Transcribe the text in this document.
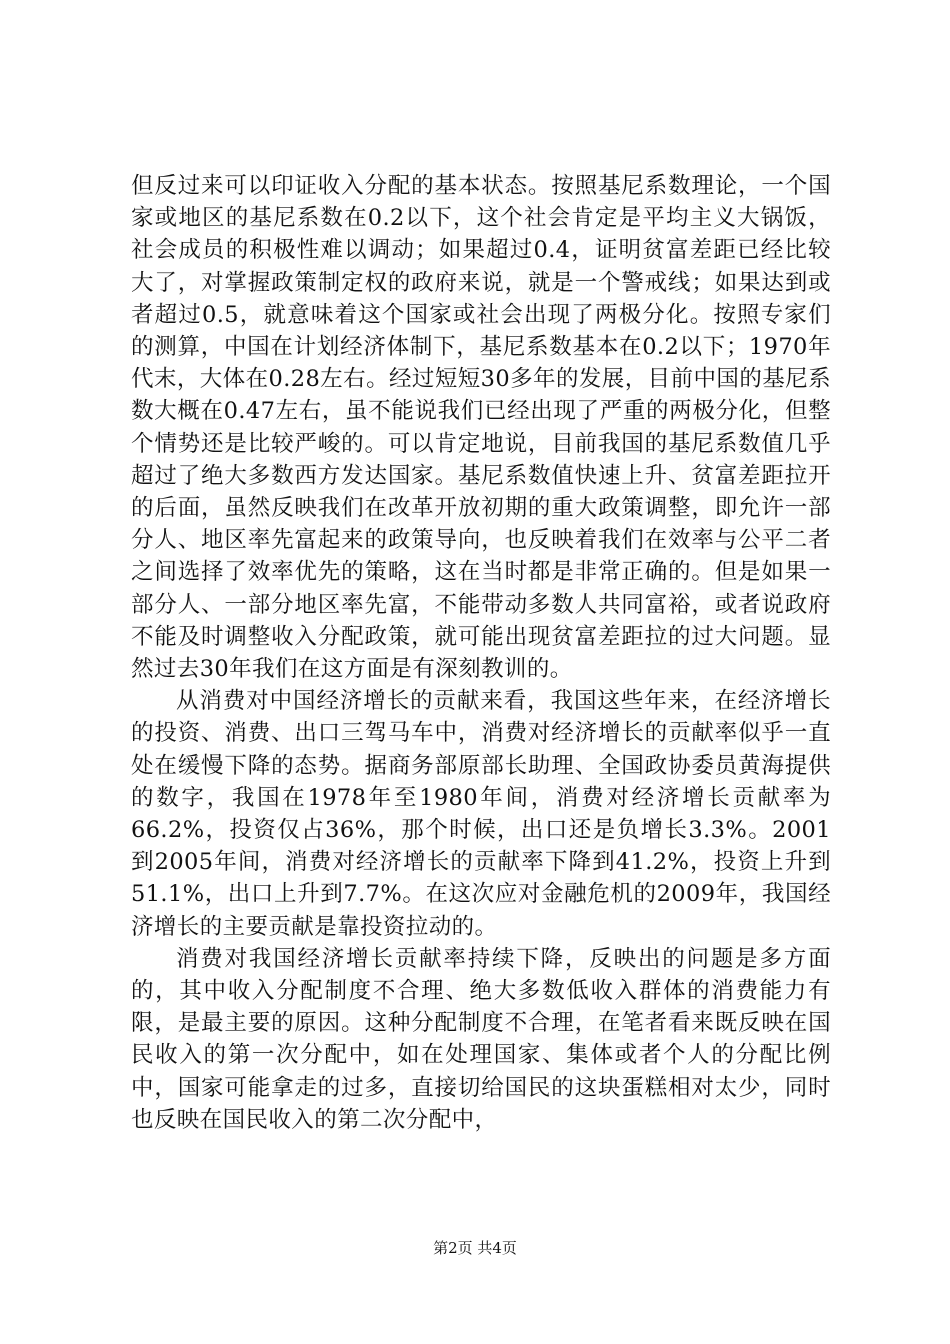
但反过来可以印证收入分配的基本状态。按照基尼系数理论，一个国家或地区的基尼系数在0.2以下，这个社会肯定是平均主义大锅饭，社会成员的积极性难以调动；如果超过0.4，证明贫富差距已经比较大了，对掌握政策制定权的政府来说，就是一个警戒线；如果达到或者超过0.5，就意味着这个国家或社会出现了两极分化。按照专家们的测算，中国在计划经济体制下，基尼系数基本在0.2以下；1970年代末，大体在0.28左右。经过短短30多年的发展，目前中国的基尼系数大概在0.47左右，虽不能说我们已经出现了严重的两极分化，但整个情势还是比较严峻的。可以肯定地说，目前我国的基尼系数值几乎超过了绝大多数西方发达国家。基尼系数值快速上升、贫富差距拉开的后面，虽然反映我们在改革开放初期的重大政策调整，即允许一部分人、地区率先富起来的政策导向，也反映着我们在效率与公平二者之间选择了效率优先的策略，这在当时都是非常正确的。但是如果一部分人、一部分地区率先富，不能带动多数人共同富裕，或者说政府不能及时调整收入分配政策，就可能出现贫富差距拉的过大问题。显然过去30年我们在这方面是有深刻教训的。

从消费对中国经济增长的贡献来看，我国这些年来，在经济增长的投资、消费、出口三驾马车中，消费对经济增长的贡献率似乎一直处在缓慢下降的态势。据商务部原部长助理、全国政协委员黄海提供的数字，我国在1978年至1980年间，消费对经济增长贡献率为66.2%，投资仅占36%，那个时候，出口还是负增长3.3%。2001到2005年间，消费对经济增长的贡献率下降到41.2%，投资上升到51.1%，出口上升到7.7%。在这次应对金融危机的2009年，我国经济增长的主要贡献是靠投资拉动的。

消费对我国经济增长贡献率持续下降，反映出的问题是多方面的，其中收入分配制度不合理、绝大多数低收入群体的消费能力有限，是最主要的原因。这种分配制度不合理，在笔者看来既反映在国民收入的第一次分配中，如在处理国家、集体或者个人的分配比例中，国家可能拿走的过多，直接切给国民的这块蛋糕相对太少，同时也反映在国民收入的第二次分配中，

第2页 共4页
